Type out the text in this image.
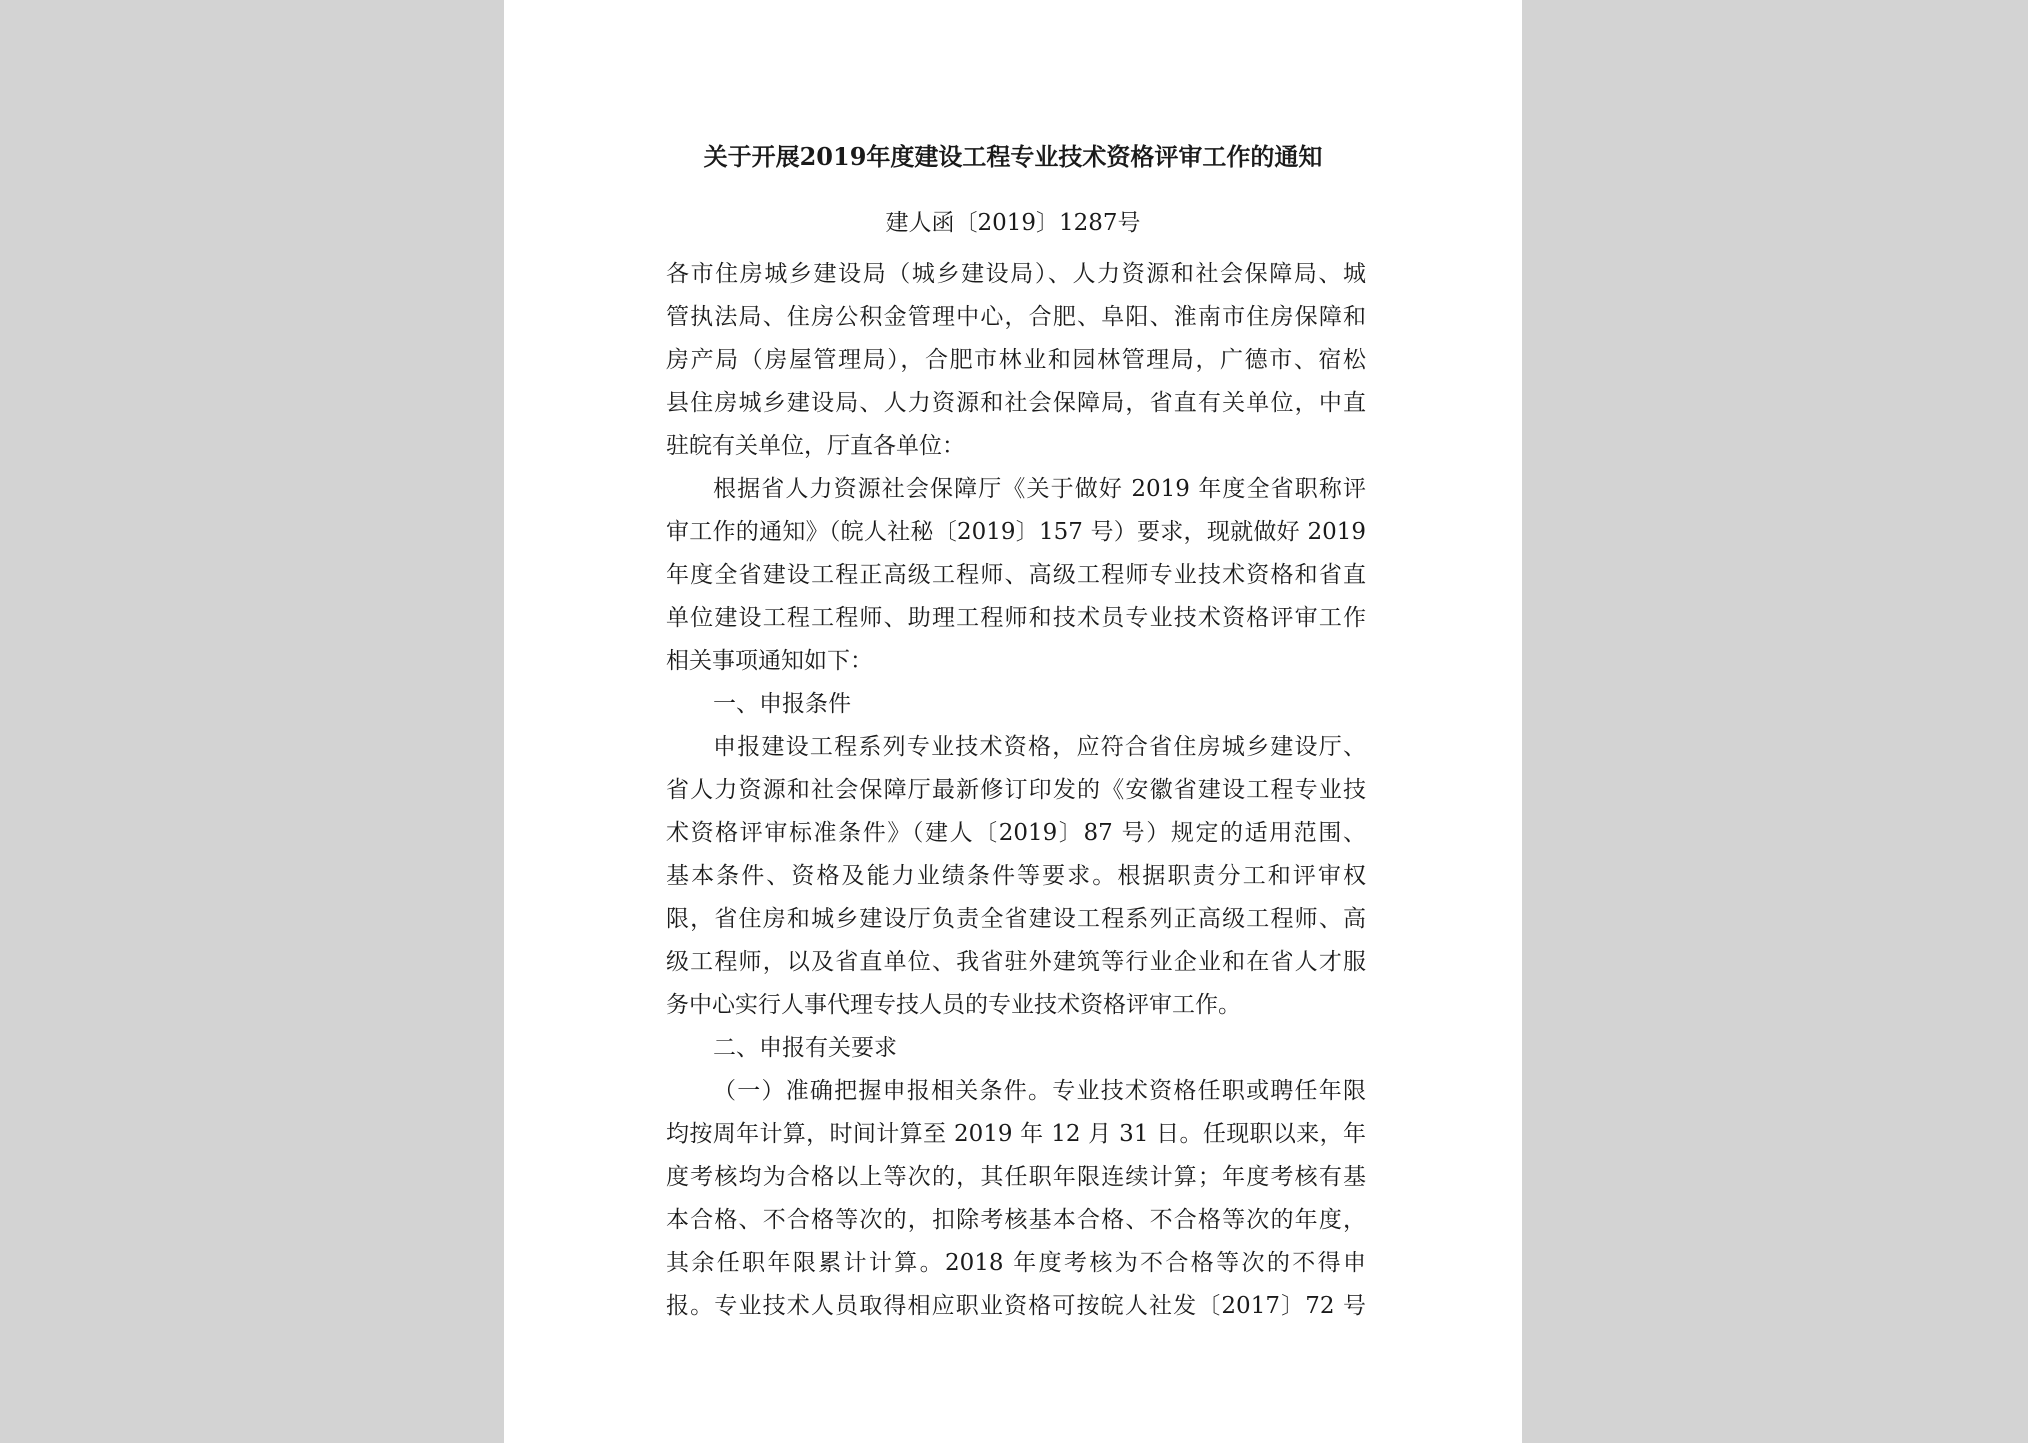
关于开展2019年度建设工程专业技术资格评审工作的通知
建人函〔2019〕1287号
各市住房城乡建设局（城乡建设局）、人力资源和社会保障局、城
管执法局、住房公积金管理中心，合肥、阜阳、淮南市住房保障和
房产局（房屋管理局），合肥市林业和园林管理局，广德市、宿松
县住房城乡建设局、人力资源和社会保障局，省直有关单位，中直
驻皖有关单位，厅直各单位：
根据省人力资源社会保障厅《关于做好 2019 年度全省职称评
审工作的通知》（皖人社秘〔2019〕157 号）要求，现就做好 2019
年度全省建设工程正高级工程师、高级工程师专业技术资格和省直
单位建设工程工程师、助理工程师和技术员专业技术资格评审工作
相关事项通知如下：
一、申报条件
申报建设工程系列专业技术资格，应符合省住房城乡建设厅、
省人力资源和社会保障厅最新修订印发的《安徽省建设工程专业技
术资格评审标准条件》（建人〔2019〕87 号）规定的适用范围、
基本条件、资格及能力业绩条件等要求。根据职责分工和评审权
限，省住房和城乡建设厅负责全省建设工程系列正高级工程师、高
级工程师，以及省直单位、我省驻外建筑等行业企业和在省人才服
务中心实行人事代理专技人员的专业技术资格评审工作。
二、申报有关要求
（一）准确把握申报相关条件。专业技术资格任职或聘任年限
均按周年计算，时间计算至 2019 年 12 月 31 日。任现职以来，年
度考核均为合格以上等次的，其任职年限连续计算；年度考核有基
本合格、不合格等次的，扣除考核基本合格、不合格等次的年度，
其余任职年限累计计算。2018 年度考核为不合格等次的不得申
报。专业技术人员取得相应职业资格可按皖人社发〔2017〕72 号
